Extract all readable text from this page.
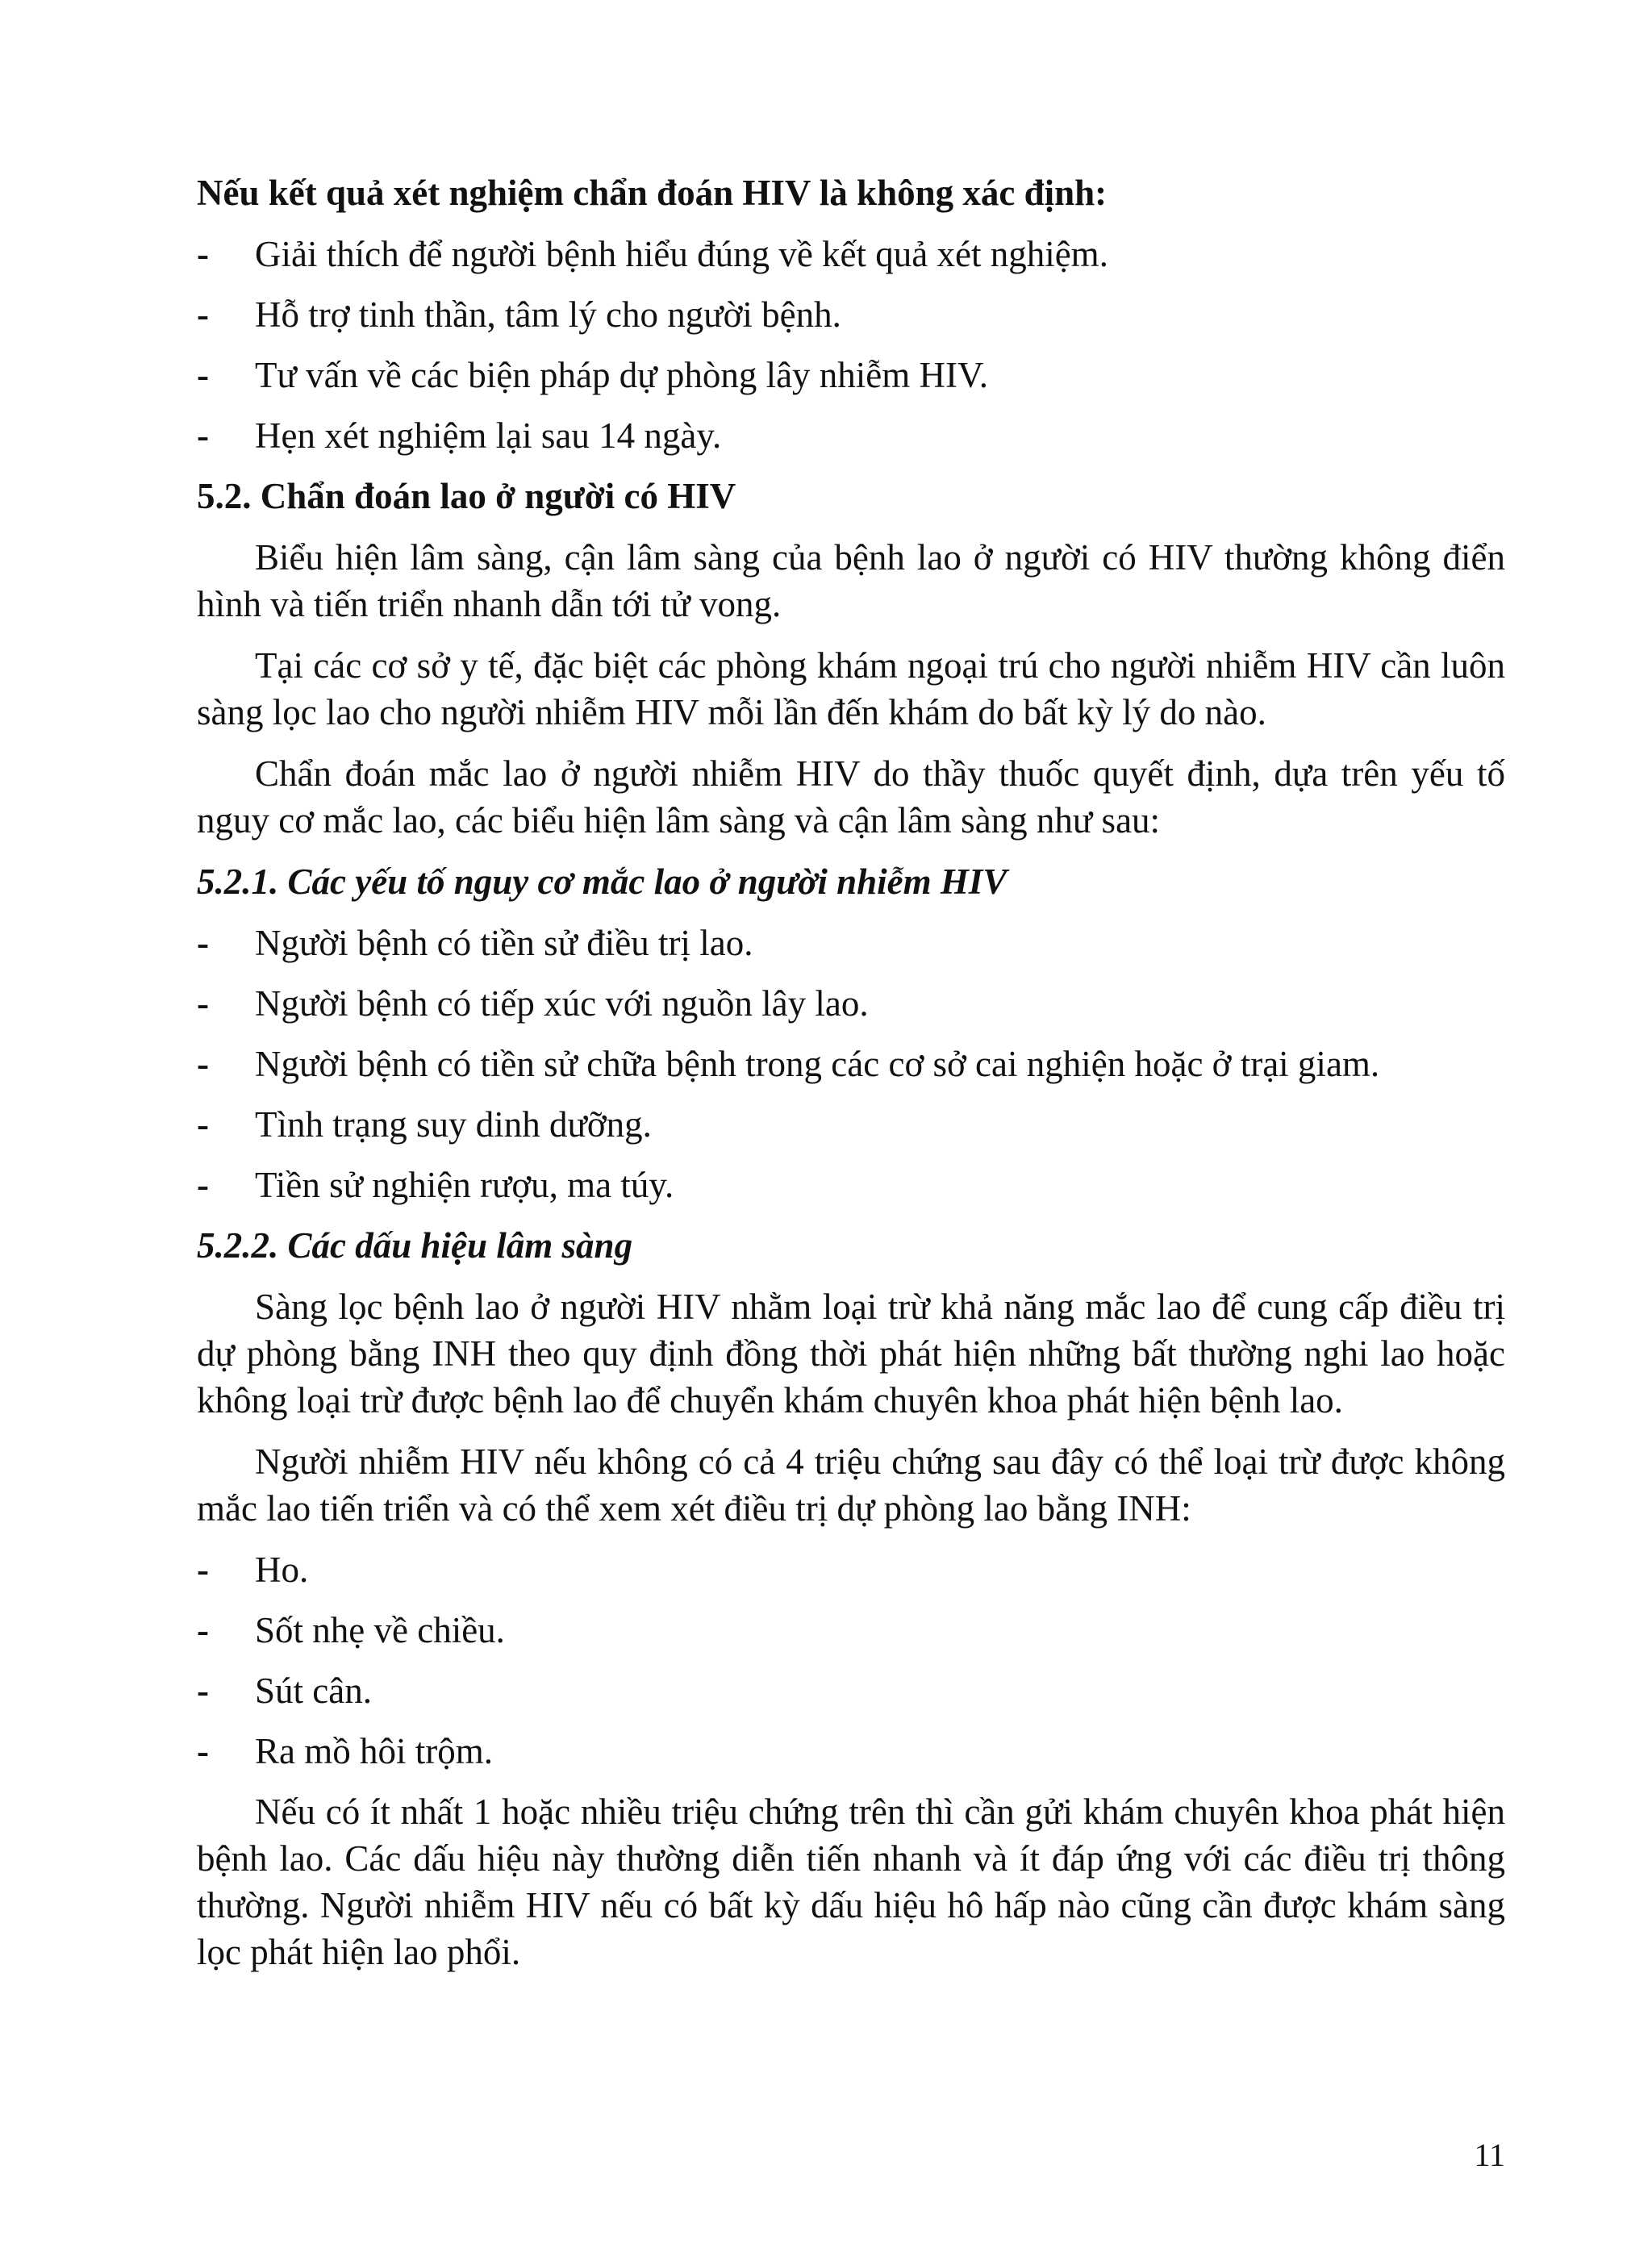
Nếu kết quả xét nghiệm chẩn đoán HIV là không xác định:
-	Giải thích để người bệnh hiểu đúng về kết quả xét nghiệm.
-	Hỗ trợ tinh thần, tâm lý cho người bệnh.
-	Tư vấn về các biện pháp dự phòng lây nhiễm HIV.
-	Hẹn xét nghiệm lại sau 14 ngày.
5.2. Chẩn đoán lao ở người có HIV

Biểu hiện lâm sàng, cận lâm sàng của bệnh lao ở người có HIV thường không điển hình và tiến triển nhanh dẫn tới tử vong.

Tại các cơ sở y tế, đặc biệt các phòng khám ngoại trú cho người nhiễm HIV cần luôn sàng lọc lao cho người nhiễm HIV mỗi lần đến khám do bất kỳ lý do nào.

Chẩn đoán mắc lao ở người nhiễm HIV do thầy thuốc quyết định, dựa trên yếu tố nguy cơ mắc lao, các biểu hiện lâm sàng và cận lâm sàng như sau:

5.2.1. Các yếu tố nguy cơ mắc lao ở người nhiễm HIV
-	Người bệnh có tiền sử điều trị lao.
-	Người bệnh có tiếp xúc với nguồn lây lao.
-	Người bệnh có tiền sử chữa bệnh trong các cơ sở cai nghiện hoặc ở trại giam.
-	Tình trạng suy dinh dưỡng.
-	Tiền sử nghiện rượu, ma túy.
5.2.2. Các dấu hiệu lâm sàng

Sàng lọc bệnh lao ở người HIV nhằm loại trừ khả năng mắc lao để cung cấp điều trị dự phòng bằng INH theo quy định đồng thời phát hiện những bất thường nghi lao hoặc không loại trừ được bệnh lao để chuyển khám chuyên khoa phát hiện bệnh lao.

Người nhiễm HIV nếu không có cả 4 triệu chứng sau đây có thể loại trừ được không mắc lao tiến triển và có thể xem xét điều trị dự phòng lao bằng INH:

-	Ho.
-	Sốt nhẹ về chiều.
-	Sút cân.
-	Ra mồ hôi trộm.

Nếu có ít nhất 1 hoặc nhiều triệu chứng trên thì cần gửi khám chuyên khoa phát hiện bệnh lao. Các dấu hiệu này thường diễn tiến nhanh và ít đáp ứng với các điều trị thông thường. Người nhiễm HIV nếu có bất kỳ dấu hiệu hô hấp nào cũng cần được khám sàng lọc phát hiện lao phổi.

11
